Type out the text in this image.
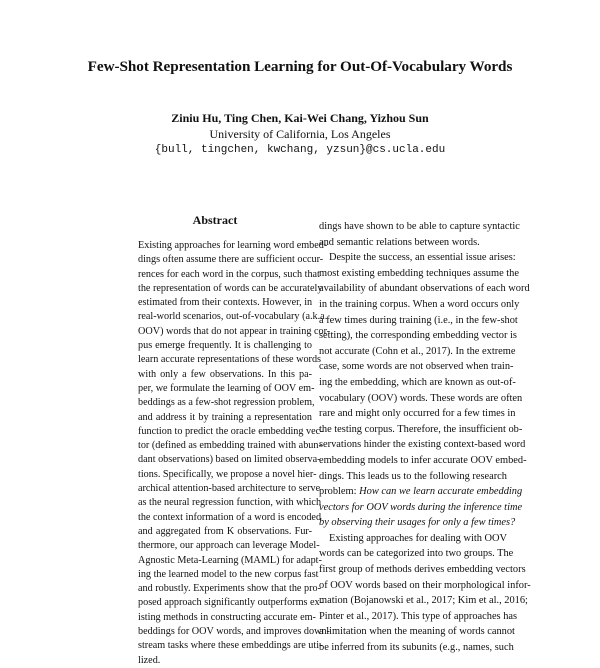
Few-Shot Representation Learning for Out-Of-Vocabulary Words
Ziniu Hu, Ting Chen, Kai-Wei Chang, Yizhou Sun
University of California, Los Angeles
{bull, tingchen, kwchang, yzsun}@cs.ucla.edu
Abstract
Existing approaches for learning word embed-
dings often assume there are sufficient occur-
rences for each word in the corpus, such that
the representation of words can be accurately
estimated from their contexts. However, in
real-world scenarios, out-of-vocabulary (a.k.a.
OOV) words that do not appear in training cor-
pus emerge frequently. It is challenging to
learn accurate representations of these words
with only a few observations. In this pa-
per, we formulate the learning of OOV em-
beddings as a few-shot regression problem,
and address it by training a representation
function to predict the oracle embedding vec-
tor (defined as embedding trained with abun-
dant observations) based on limited observa-
tions. Specifically, we propose a novel hier-
archical attention-based architecture to serve
as the neural regression function, with which
the context information of a word is encoded
and aggregated from K observations. Fur-
thermore, our approach can leverage Model-
Agnostic Meta-Learning (MAML) for adapt-
ing the learned model to the new corpus fast
and robustly. Experiments show that the pro-
posed approach significantly outperforms ex-
isting methods in constructing accurate em-
beddings for OOV words, and improves down-
stream tasks where these embeddings are uti-
lized.
dings have shown to be able to capture syntactic
and semantic relations between words.
Despite the success, an essential issue arises:
most existing embedding techniques assume the
availability of abundant observations of each word
in the training corpus. When a word occurs only
a few times during training (i.e., in the few-shot
setting), the corresponding embedding vector is
not accurate (Cohn et al., 2017). In the extreme
case, some words are not observed when train-
ing the embedding, which are known as out-of-
vocabulary (OOV) words. These words are often
rare and might only occurred for a few times in
the testing corpus. Therefore, the insufficient ob-
servations hinder the existing context-based word
embedding models to infer accurate OOV embed-
dings. This leads us to the following research
problem: How can we learn accurate embedding
vectors for OOV words during the inference time
by observing their usages for only a few times?
Existing approaches for dealing with OOV
words can be categorized into two groups. The
first group of methods derives embedding vectors
of OOV words based on their morphological infor-
mation (Bojanowski et al., 2017; Kim et al., 2016;
Pinter et al., 2017). This type of approaches has
a limitation when the meaning of words cannot
be inferred from its subunits (e.g., names, such
